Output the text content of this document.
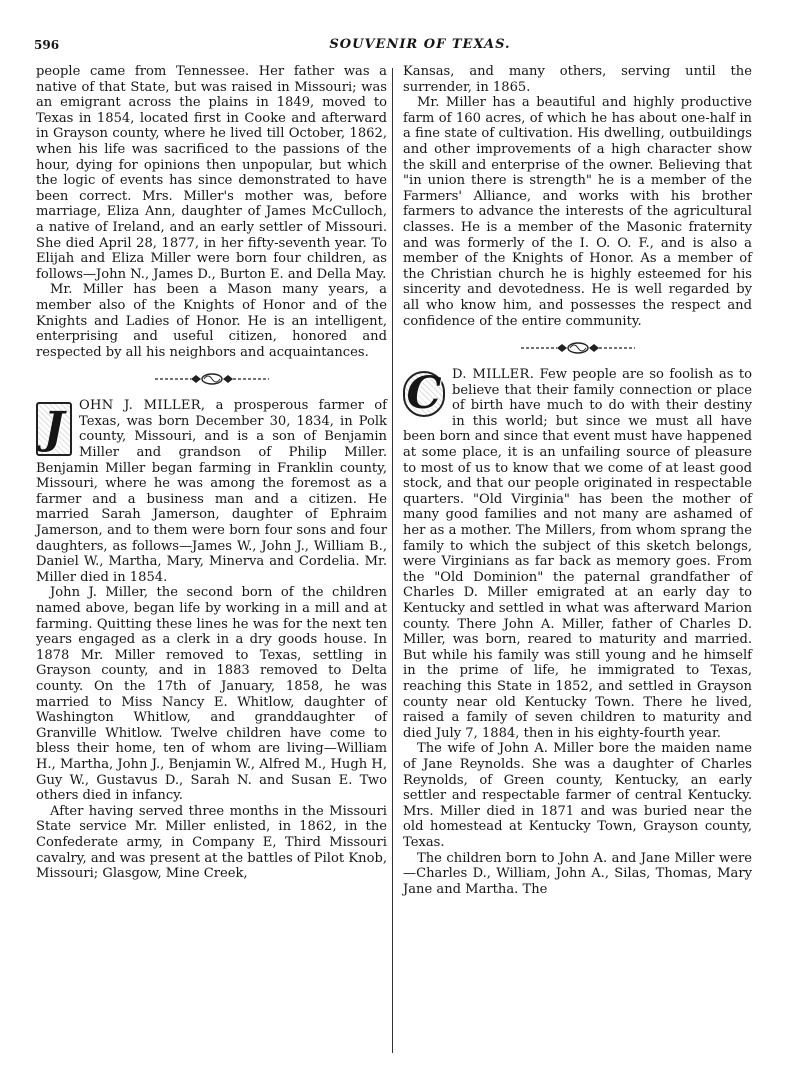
596	SOUVENIR OF TEXAS.

people came from Tennessee. Her father was a native of that State, but was raised in Missouri; was an emigrant across the plains in 1849, moved to Texas in 1854, located first in Cooke and afterward in Grayson county, where he lived till October, 1862, when his life was sacrificed to the passions of the hour, dying for opinions then unpopular, but which the logic of events has since demonstrated to have been correct. Mrs. Miller's mother was, before marriage, Eliza Ann, daughter of James McCulloch, a native of Ireland, and an early settler of Missouri. She died April 28, 1877, in her fifty-seventh year. To Elijah and Eliza Miller were born four children, as follows—John N., James D., Burton E. and Della May.

Mr. Miller has been a Mason many years, a member also of the Knights of Honor and of the Knights and Ladies of Honor. He is an intelligent, enterprising and useful citizen, honored and respected by all his neighbors and acquaintances.

J OHN J. MILLER, a prosperous farmer of Texas, was born December 30, 1834, in Polk county, Missouri, and is a son of Benjamin Miller and grandson of Philip Miller. Benjamin Miller began farming in Franklin county, Missouri, where he was among the foremost as a farmer and a business man and a citizen. He married Sarah Jamerson, daughter of Ephraim Jamerson, and to them were born four sons and four daughters, as follows—James W., John J., William B., Daniel W., Martha, Mary, Minerva and Cordelia. Mr. Miller died in 1854.

John J. Miller, the second born of the children named above, began life by working in a mill and at farming. Quitting these lines he was for the next ten years engaged as a clerk in a dry goods house. In 1878 Mr. Miller removed to Texas, settling in Grayson county, and in 1883 removed to Delta county. On the 17th of January, 1858, he was married to Miss Nancy E. Whitlow, daughter of Washington Whitlow, and granddaughter of Granville Whitlow. Twelve children have come to bless their home, ten of whom are living—William H., Martha, John J., Benjamin W., Alfred M., Hugh H, Guy W., Gustavus D., Sarah N. and Susan E. Two others died in infancy.

After having served three months in the Missouri State service Mr. Miller enlisted, in 1862, in the Confederate army, in Company E, Third Missouri cavalry, and was present at the battles of Pilot Knob, Missouri; Glasgow, Mine Creek,

Kansas, and many others, serving until the surrender, in 1865.

Mr. Miller has a beautiful and highly productive farm of 160 acres, of which he has about one-half in a fine state of cultivation. His dwelling, outbuildings and other improvements of a high character show the skill and enterprise of the owner. Believing that "in union there is strength" he is a member of the Farmers' Alliance, and works with his brother farmers to advance the interests of the agricultural classes. He is a member of the Masonic fraternity and was formerly of the I. O. O. F., and is also a member of the Knights of Honor. As a member of the Christian church he is highly esteemed for his sincerity and devotedness. He is well regarded by all who know him, and possesses the respect and confidence of the entire community.

C D. MILLER. Few people are so foolish as to believe that their family connection or place of birth have much to do with their destiny in this world; but since we must all have been born and since that event must have happened at some place, it is an unfailing source of pleasure to most of us to know that we come of at least good stock, and that our people originated in respectable quarters. "Old Virginia" has been the mother of many good families and not many are ashamed of her as a mother. The Millers, from whom sprang the family to which the subject of this sketch belongs, were Virginians as far back as memory goes. From the "Old Dominion" the paternal grandfather of Charles D. Miller emigrated at an early day to Kentucky and settled in what was afterward Marion county. There John A. Miller, father of Charles D. Miller, was born, reared to maturity and married. But while his family was still young and he himself in the prime of life, he immigrated to Texas, reaching this State in 1852, and settled in Grayson county near old Kentucky Town. There he lived, raised a family of seven children to maturity and died July 7, 1884, then in his eighty-fourth year.

The wife of John A. Miller bore the maiden name of Jane Reynolds. She was a daughter of Charles Reynolds, of Green county, Kentucky, an early settler and respectable farmer of central Kentucky. Mrs. Miller died in 1871 and was buried near the old homestead at Kentucky Town, Grayson county, Texas.

The children born to John A. and Jane Miller were—Charles D., William, John A., Silas, Thomas, Mary Jane and Martha. The
